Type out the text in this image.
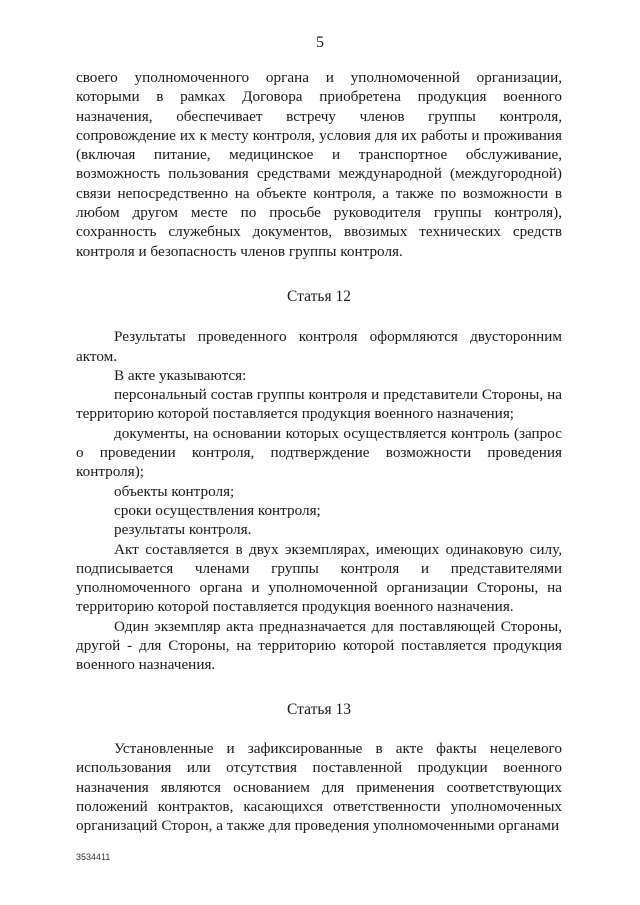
5

своего уполномоченного органа и уполномоченной организации, которыми в рамках Договора приобретена продукция военного назначения, обеспечивает встречу членов группы контроля, сопровождение их к месту контроля, условия для их работы и проживания (включая питание, медицинское и транспортное обслуживание, возможность пользования средствами международной (междугородной) связи непосредственно на объекте контроля, а также по возможности в любом другом месте по просьбе руководителя группы контроля), сохранность служебных документов, ввозимых технических средств контроля и безопасность членов группы контроля.

Статья 12

Результаты проведенного контроля оформляются двусторонним актом.

В акте указываются:

персональный состав группы контроля и представители Стороны, на территорию которой поставляется продукция военного назначения;

документы, на основании которых осуществляется контроль (запрос о проведении контроля, подтверждение возможности проведения контроля);

объекты контроля;

сроки осуществления контроля;

результаты контроля.

Акт составляется в двух экземплярах, имеющих одинаковую силу, подписывается членами группы контроля и представителями уполномоченного органа и уполномоченной организации Стороны, на территорию которой поставляется продукция военного назначения.

Один экземпляр акта предназначается для поставляющей Стороны, другой - для Стороны, на территорию которой поставляется продукция военного назначения.

Статья 13

Установленные и зафиксированные в акте факты нецелевого использования или отсутствия поставленной продукции военного назначения являются основанием для применения соответствующих положений контрактов, касающихся ответственности уполномоченных организаций Сторон, а также для проведения уполномоченными органами

3534411
